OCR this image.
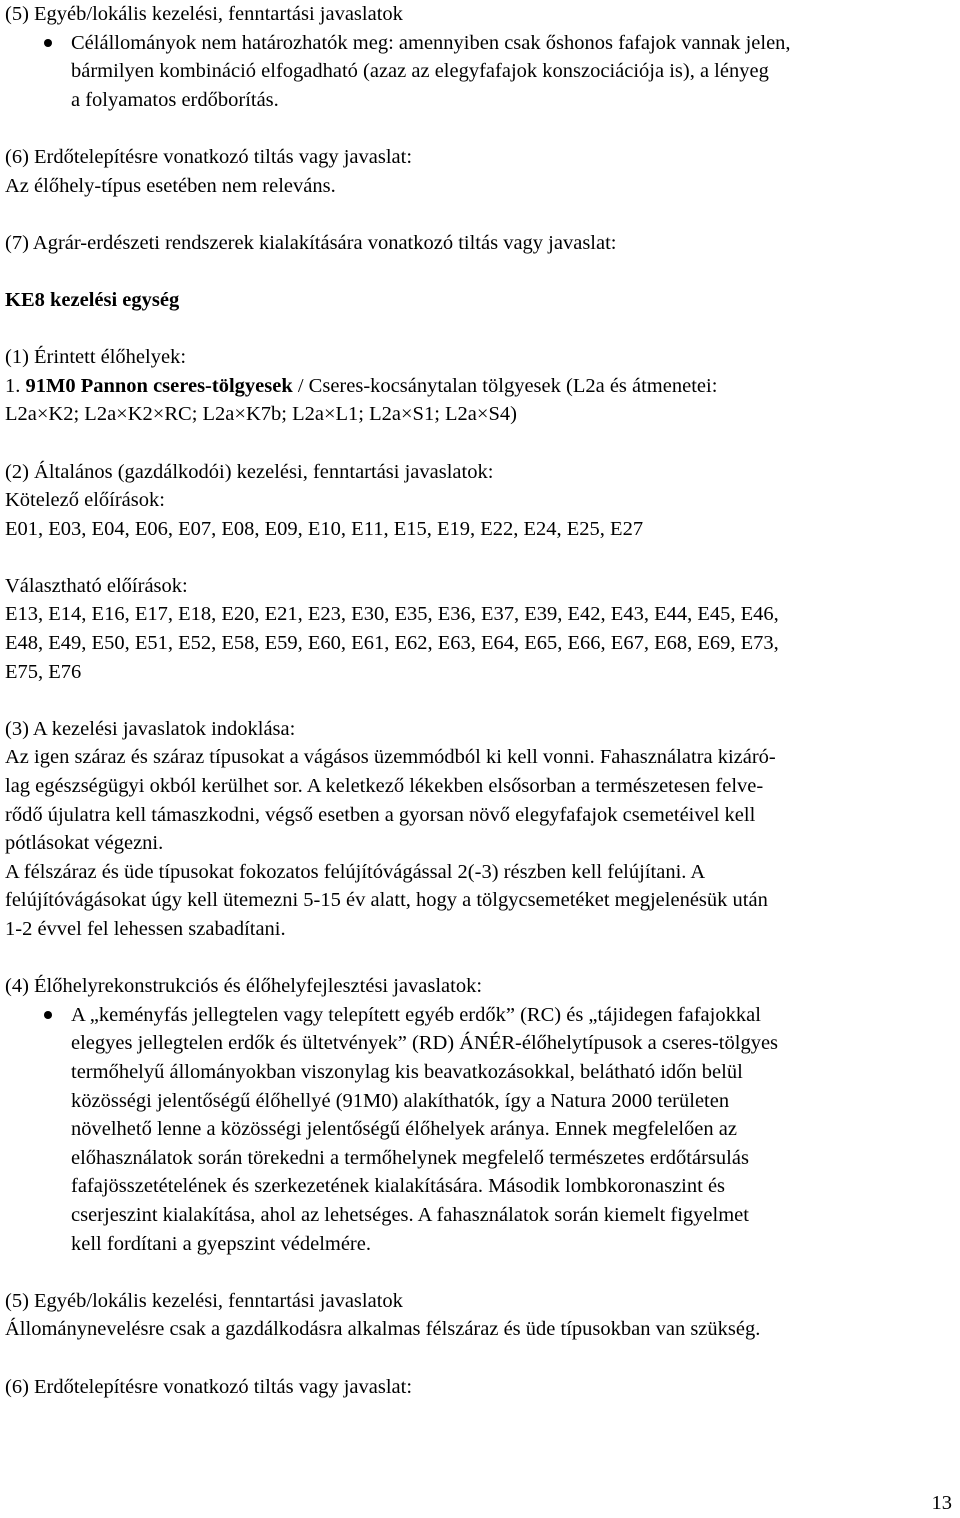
(5) Egyéb/lokális kezelési, fenntartási javaslatok

Célállományok nem határozhatók meg: amennyiben csak őshonos fafajok vannak jelen,
bármilyen kombináció elfogadható (azaz az elegyfafajok konszociációja is), a lényeg
a folyamatos erdőborítás.

(6) Erdőtelepítésre vonatkozó tiltás vagy javaslat:

Az élőhely-típus esetében nem releváns.

(7) Agrár-erdészeti rendszerek kialakítására vonatkozó tiltás vagy javaslat:

KE8 kezelési egység

(1) Érintett élőhelyek:

1. 91M0 Pannon cseres-tölgyesek / Cseres-kocsánytalan tölgyesek (L2a és átmenetei:

L2a×K2; L2a×K2×RC; L2a×K7b; L2a×L1; L2a×S1; L2a×S4)

(2) Általános (gazdálkodói) kezelési, fenntartási javaslatok:

Kötelező előírások:

E01, E03, E04, E06, E07, E08, E09, E10, E11, E15, E19, E22, E24, E25, E27

Választható előírások:

E13, E14, E16, E17, E18, E20, E21, E23, E30, E35, E36, E37, E39, E42, E43, E44, E45, E46,

E48, E49, E50, E51, E52, E58, E59, E60, E61, E62, E63, E64, E65, E66, E67, E68, E69, E73,

E75, E76

(3) A kezelési javaslatok indoklása:

Az igen száraz és száraz típusokat a vágásos üzemmódból ki kell vonni. Fahasználatra kizáró-

lag egészségügyi okból kerülhet sor. A keletkező lékekben elsősorban a természetesen felve-

rődő újulatra kell támaszkodni, végső esetben a gyorsan növő elegyfafajok csemetéivel kell

pótlásokat végezni.

A félszáraz és üde típusokat fokozatos felújítóvágással 2(-3) részben kell felújítani. A

felújítóvágásokat úgy kell ütemezni 5-15 év alatt, hogy a tölgycsemetéket megjelenésük után

1-2 évvel fel lehessen szabadítani.

(4) Élőhelyrekonstrukciós és élőhelyfejlesztési javaslatok:

A „keményfás jellegtelen vagy telepített egyéb erdők” (RC) és „tájidegen fafajokkal
elegyes jellegtelen erdők és ültetvények” (RD) ÁNÉR-élőhelytípusok a cseres-tölgyes
termőhelyű állományokban viszonylag kis beavatkozásokkal, belátható időn belül
közösségi jelentőségű élőhellyé (91M0) alakíthatók, így a Natura 2000 területen
növelhető lenne a közösségi jelentőségű élőhelyek aránya. Ennek megfelelően az
előhasználatok során törekedni a termőhelynek megfelelő természetes erdőtársulás
fafajösszetételének és szerkezetének kialakítására. Második lombkoronaszint és
cserjeszint kialakítása, ahol az lehetséges. A fahasználatok során kiemelt figyelmet
kell fordítani a gyepszint védelmére.

(5) Egyéb/lokális kezelési, fenntartási javaslatok

Állománynevelésre csak a gazdálkodásra alkalmas félszáraz és üde típusokban van szükség.

(6) Erdőtelepítésre vonatkozó tiltás vagy javaslat:

13
